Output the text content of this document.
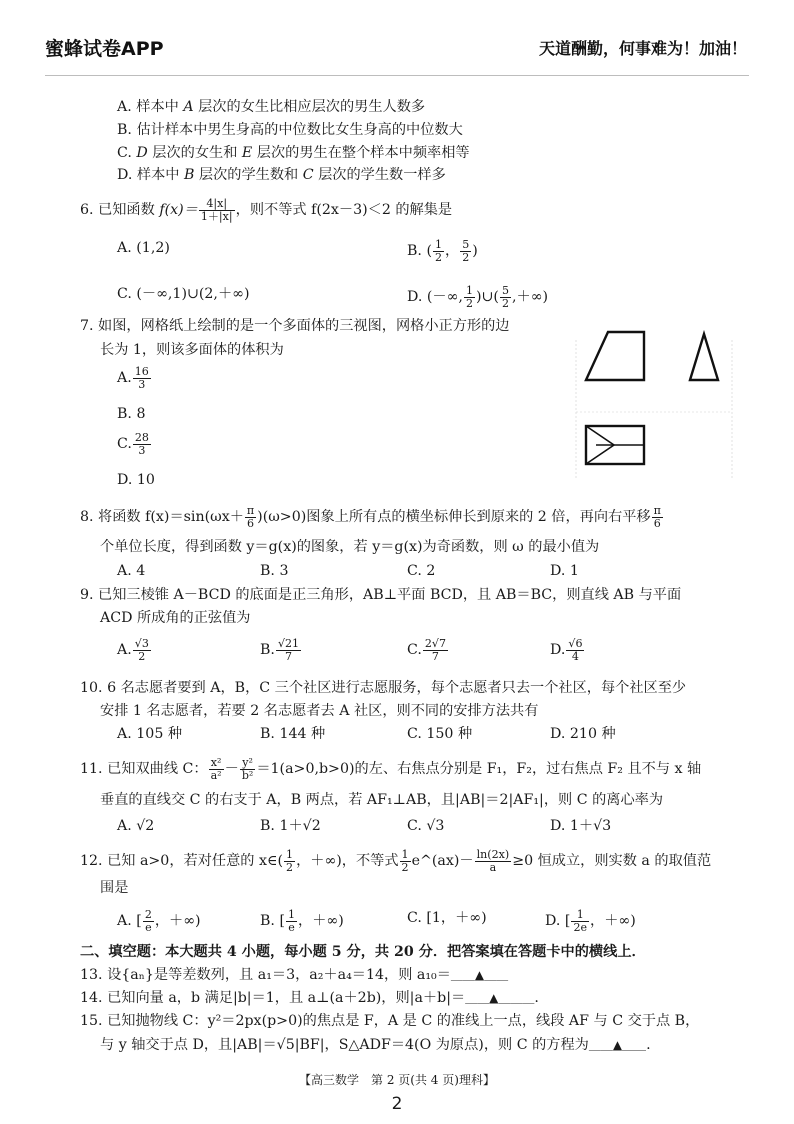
蜜蜂试卷APP	天道酬勤，何事难为！加油！
A. 样本中 A 层次的女生比相应层次的男生人数多
B. 估计样本中男生身高的中位数比女生身高的中位数大
C. D 层次的女生和 E 层次的男生在整个样本中频率相等
D. 样本中 B 层次的学生数和 C 层次的学生数一样多
6. 已知函数 $f(x)= \frac{4|x|}{1+|x|}$ ，则不等式 f(2x－3)＜2 的解集是
A. (1,2)	B. ( $\frac{1}{2}$ ， $\frac{5}{2}$ )
C. (－∞,1)∪(2,＋∞)	D. (－∞, $\frac{1}{2}$ )∪( $\frac{5}{2}$ ,＋∞)
7. 如图，网格纸上绘制的是一个多面体的三视图，网格小正方形的边
长为 1，则该多面体的体积为
A. $\frac{16}{3}$
B. 8
C. $\frac{28}{3}$
D. 10
8. 将函数 $f(x)=\sin(\omega x+ \frac{\pi}{6} )(\omega>0)$图象上所有点的横坐标伸长到原来的 2 倍，再向右平移 $\frac{\pi}{6}$
个单位长度，得到函数 y＝g(x)的图象，若 y＝g(x)为奇函数，则 ω 的最小值为
A. 4	B. 3	C. 2	D. 1
9. 已知三棱锥 A－BCD 的底面是正三角形，AB⊥平面 BCD，且 AB＝BC，则直线 AB 与平面
ACD 所成角的正弦值为
A. $\frac{√3}{2}$	B. $\frac{√21}{7}$	C. $\frac{2√7}{7}$	D. $\frac{√6}{4}$
10. 6 名志愿者要到 A，B，C 三个社区进行志愿服务，每个志愿者只去一个社区，每个社区至少
安排 1 名志愿者，若要 2 名志愿者去 A 社区，则不同的安排方法共有
A. 105 种	B. 144 种	C. 150 种	D. 210 种
11. 已知双曲线 C： $\frac{\text{x²}}{\text{a²}} - \frac{\text{y²}}{\text{b²}} =1(a>0,b>0)$的左、右焦点分别是 F₁，F₂，过右焦点 F₂ 且不与 x 轴
垂直的直线交 C 的右支于 A，B 两点，若 AF₁⊥AB，且|AB|＝2|AF₁|，则 C 的离心率为
A. √2	B. 1＋√2	C. √3	D. 1＋√3
12. 已知 a>0，若对任意的 x∈( $\frac{1}{2}$ ，＋∞)，不等式 $\frac{1}{2}$ e^(ax)－ $\frac{\ln(2x)}{a} \ge 0$ 恒成立，则实数 a 的取值范
围是
A. [ $\frac{2}{e}$ ，＋∞)	B. [ $\frac{1}{e}$ ，＋∞)	C. [1，＋∞)	D. [ $\frac{1}{2e}$ ，＋∞)
二、填空题：本大题共 4 小题，每小题 5 分，共 20 分．把答案填在答题卡中的横线上．
13. 设{aₙ}是等差数列，且 a₁＝3，a₂＋a₄＝14，则 a₁₀＝＿＿▲＿＿
14. 已知向量 a，b 满足|b|＝1，且 a⊥(a＋2b)，则|a＋b|＝＿＿▲＿＿＿.
15. 已知抛物线 C：y²＝2px(p>0)的焦点是 F，A 是 C 的准线上一点，线段 AF 与 C 交于点 B，
与 y 轴交于点 D，且|AB|＝√5|BF|，S△ADF＝4(O 为原点)，则 C 的方程为＿＿▲＿＿.
【高三数学　第 2 页(共 4 页)理科】
2
